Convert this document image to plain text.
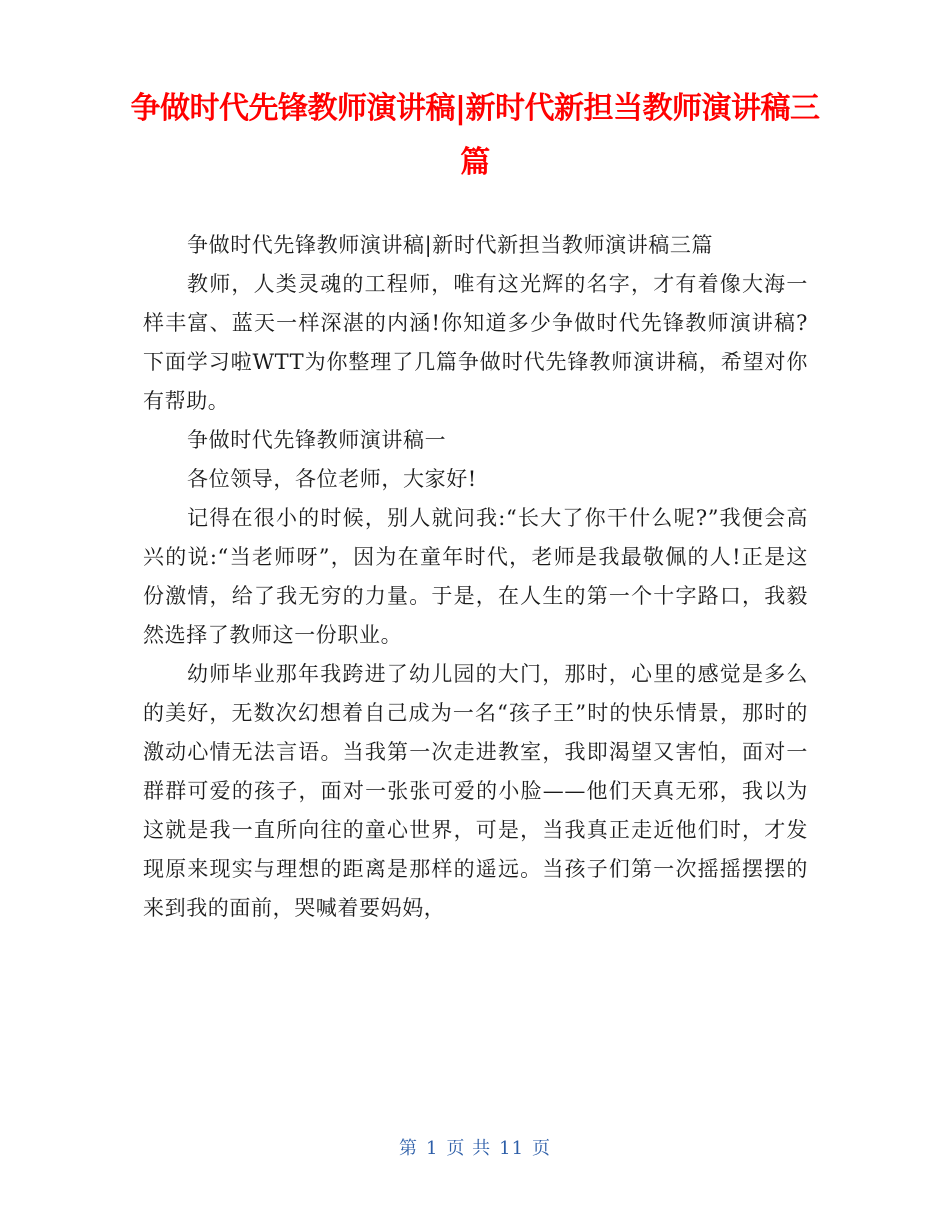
争做时代先锋教师演讲稿|新时代新担当教师演讲稿三篇

争做时代先锋教师演讲稿|新时代新担当教师演讲稿三篇

教师，人类灵魂的工程师，唯有这光辉的名字，才有着像大海一样丰富、蓝天一样深湛的内涵!你知道多少争做时代先锋教师演讲稿?下面学习啦WTT为你整理了几篇争做时代先锋教师演讲稿，希望对你有帮助。

争做时代先锋教师演讲稿一

各位领导，各位老师，大家好!

记得在很小的时候，别人就问我:“长大了你干什么呢?”我便会高兴的说:“当老师呀”，因为在童年时代，老师是我最敬佩的人!正是这份激情，给了我无穷的力量。于是，在人生的第一个十字路口，我毅然选择了教师这一份职业。

幼师毕业那年我跨进了幼儿园的大门，那时，心里的感觉是多么的美好，无数次幻想着自己成为一名“孩子王”时的快乐情景，那时的激动心情无法言语。当我第一次走进教室，我即渴望又害怕，面对一群群可爱的孩子，面对一张张可爱的小脸——他们天真无邪，我以为这就是我一直所向往的童心世界，可是，当我真正走近他们时，才发现原来现实与理想的距离是那样的遥远。当孩子们第一次摇摇摆摆的来到我的面前，哭喊着要妈妈，

第 1 页 共 11 页
